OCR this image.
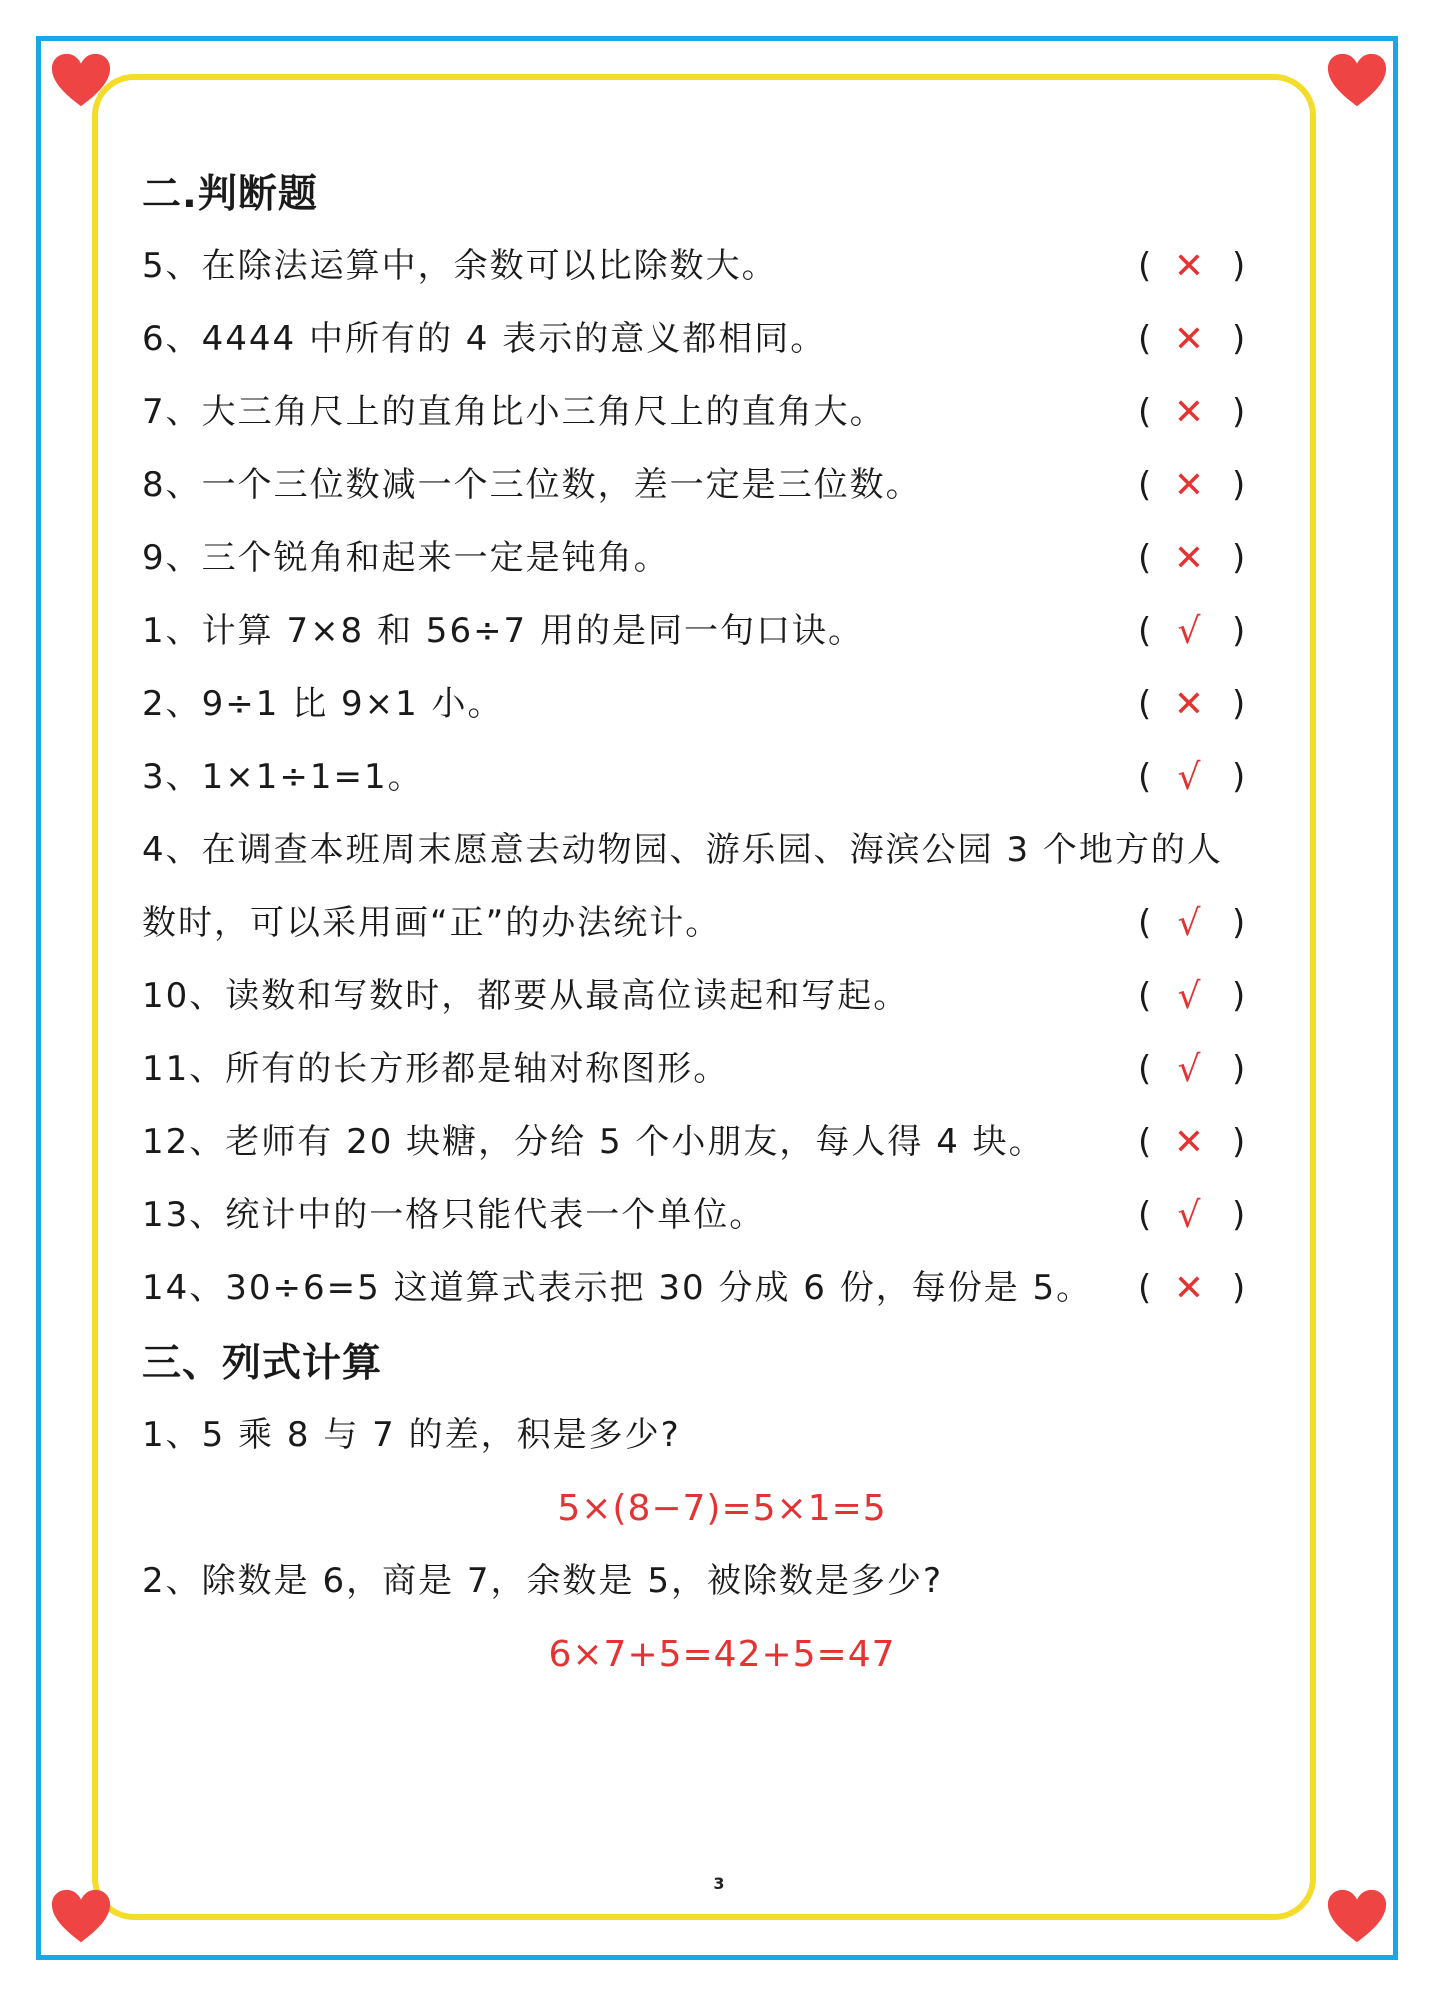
二.判断题
5、在除法运算中，余数可以比除数大。	( ✕ )
6、4444 中所有的 4 表示的意义都相同。	( ✕ )
7、大三角尺上的直角比小三角尺上的直角大。	( ✕ )
8、一个三位数减一个三位数，差一定是三位数。	( ✕ )
9、三个锐角和起来一定是钝角。	( ✕ )
1、计算 7×8 和 56÷7 用的是同一句口诀。	( √ )
2、9÷1 比 9×1 小。	( ✕ )
3、1×1÷1=1。	( √ )
4、在调查本班周末愿意去动物园、游乐园、海滨公园 3 个地方的人
数时，可以采用画“正”的办法统计。	( √ )
10、读数和写数时，都要从最高位读起和写起。	( √ )
11、所有的长方形都是轴对称图形。	( √ )
12、老师有 20 块糖，分给 5 个小朋友，每人得 4 块。	( ✕ )
13、统计中的一格只能代表一个单位。	( √ )
14、30÷6=5 这道算式表示把 30 分成 6 份，每份是 5。 ( ✕ )
三、列式计算
1、5 乘 8 与 7 的差，积是多少?
5×(8−7)=5×1=5
2、除数是 6，商是 7，余数是 5，被除数是多少?
6×7+5=42+5=47
3
